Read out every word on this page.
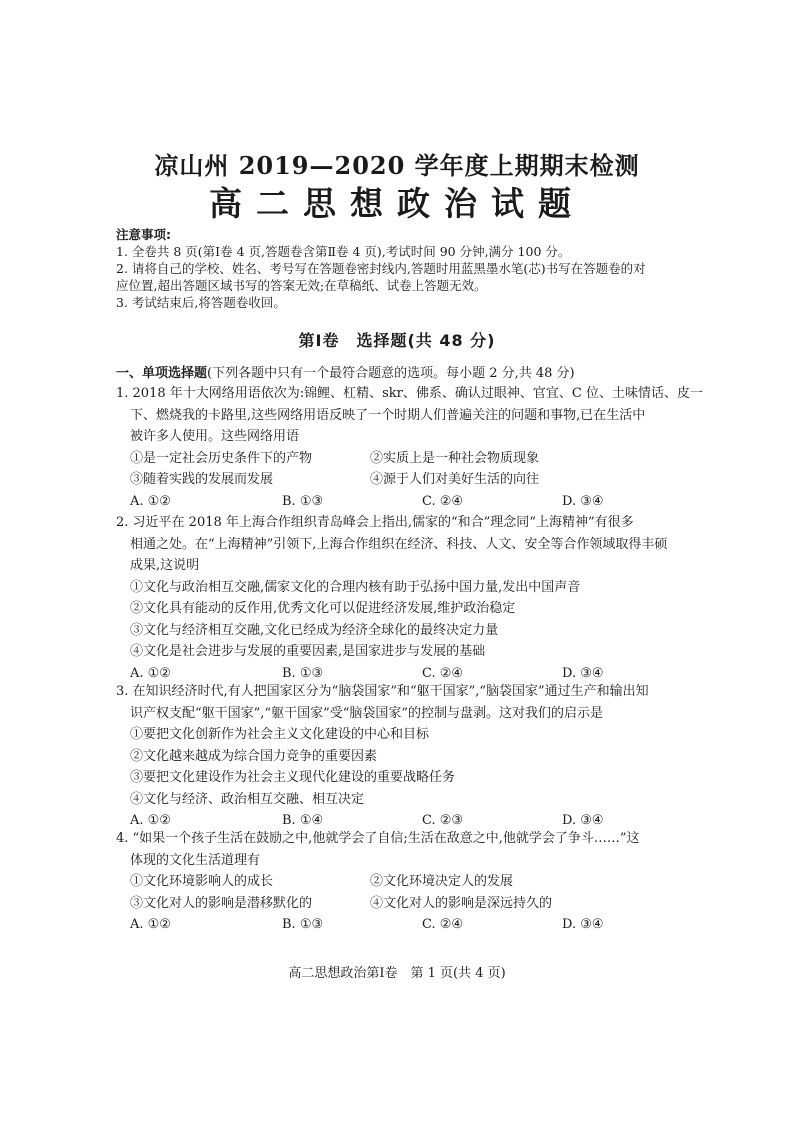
凉山州 2019—2020 学年度上期期末检测
高二思想政治试题

注意事项:

1. 全卷共 8 页(第Ⅰ卷 4 页,答题卷含第Ⅱ卷 4 页),考试时间 90 分钟,满分 100 分。

2. 请将自己的学校、姓名、考号写在答题卷密封线内,答题时用蓝黑墨水笔(芯)书写在答题卷的对

应位置,超出答题区域书写的答案无效;在草稿纸、试卷上答题无效。

3. 考试结束后,将答题卷收回。

第Ⅰ卷　选择题(共 48 分)
一、单项选择题(下列各题中只有一个最符合题意的选项。每小题 2 分,共 48 分)

1. 2018 年十大网络用语依次为:锦鲤、杠精、skr、佛系、确认过眼神、官宜、C 位、土味情话、皮一

下、燃烧我的卡路里,这些网络用语反映了一个时期人们普遍关注的问题和事物,已在生活中

被许多人使用。这些网络用语

①是一定社会历史条件下的产物	②实质上是一种社会物质现象
③随着实践的发展而发展	④源于人们对美好生活的向往
A. ①②	B. ①③	C. ②④	D. ③④

2. 习近平在 2018 年上海合作组织青岛峰会上指出,儒家的“和合”理念同“上海精神”有很多

相通之处。在“上海精神”引领下,上海合作组织在经济、科技、人文、安全等合作领域取得丰硕

成果,这说明

①文化与政治相互交融,儒家文化的合理内核有助于弘扬中国力量,发出中国声音

②文化具有能动的反作用,优秀文化可以促进经济发展,维护政治稳定

③文化与经济相互交融,文化已经成为经济全球化的最终决定力量

④文化是社会进步与发展的重要因素,是国家进步与发展的基础

A. ①②	B. ①③	C. ②④	D. ③④

3. 在知识经济时代,有人把国家区分为“脑袋国家”和“躯干国家”,“脑袋国家”通过生产和输出知

识产权支配“躯干国家”,“躯干国家”受“脑袋国家”的控制与盘剥。这对我们的启示是

①要把文化创新作为社会主义文化建设的中心和目标

②文化越来越成为综合国力竞争的重要因素

③要把文化建设作为社会主义现代化建设的重要战略任务

④文化与经济、政治相互交融、相互决定

A. ①②	B. ①④	C. ②③	D. ③④

4. “如果一个孩子生活在鼓励之中,他就学会了自信;生活在敌意之中,他就学会了争斗……”这

体现的文化生活道理有

①文化环境影响人的成长	②文化环境决定人的发展
③文化对人的影响是潜移默化的	④文化对人的影响是深远持久的
A. ①②	B. ①③	C. ②④	D. ③④
高二思想政治第Ⅰ卷　第 1 页(共 4 页)
